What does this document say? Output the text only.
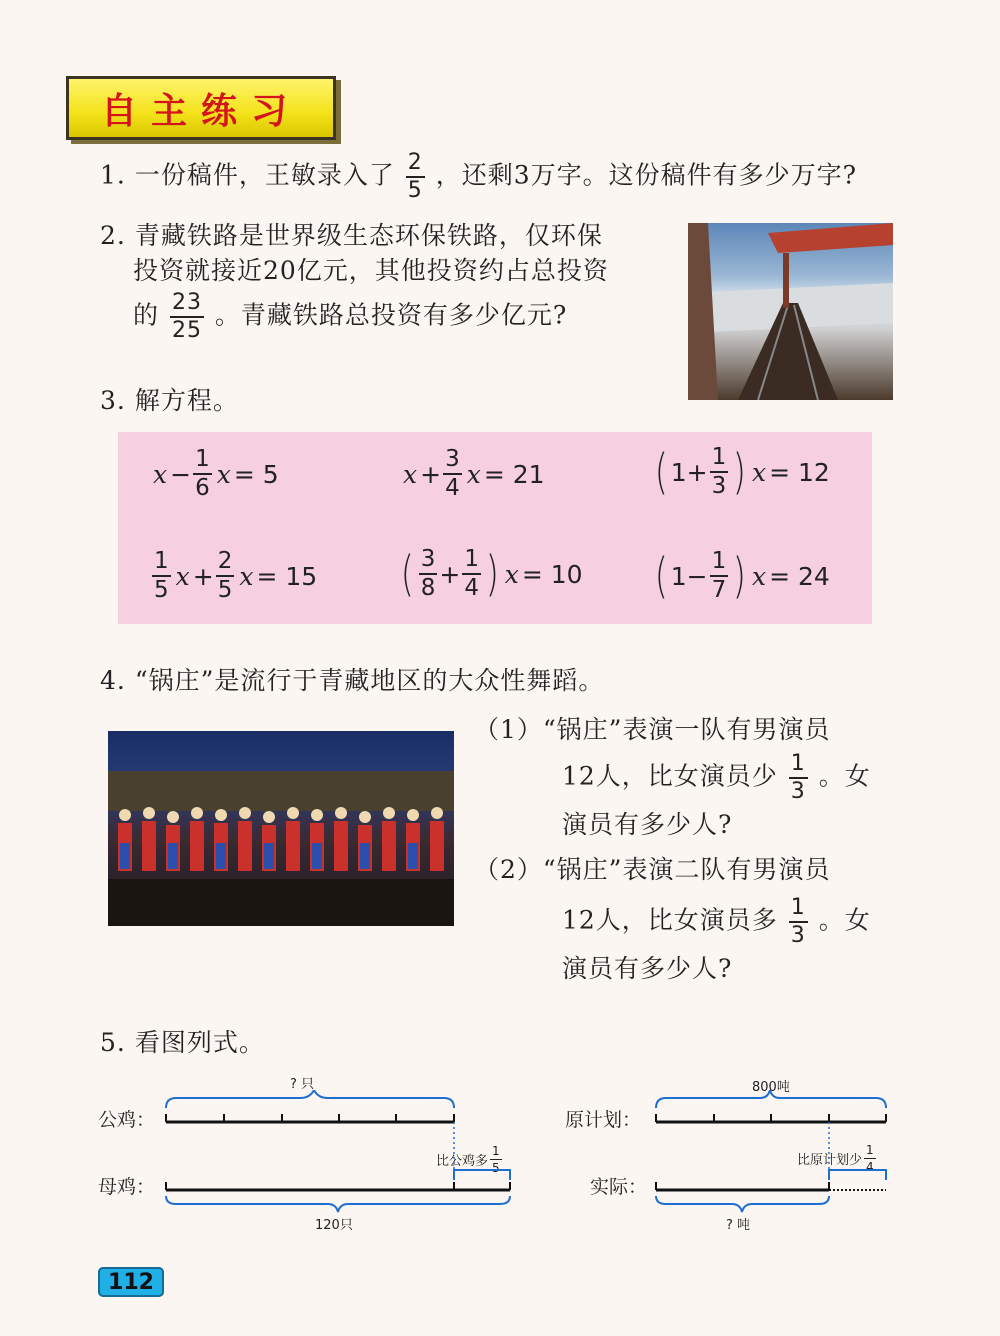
自主练习
1. 一份稿件，王敏录入了 $\frac{2}{5}$ ，还剩3万字。这份稿件有多少万字?
2. 青藏铁路是世界级生态环保铁路，仅环保
投资就接近20亿元，其他投资约占总投资
的 $\frac{23}{25}$ 。青藏铁路总投资有多少亿元?
3. 解方程。
$x - \frac{1}{6}$ x = 5	$x + \frac{3}{4}$ x = 21 ( $1 + \frac{1}{3}$ ) x = 12
$\frac{1}{5}$ $x + \frac{2}{5}$ x = 15 ( $\frac{3}{8} + \frac{1}{4}$ ) x = 10 ( $1 - \frac{1}{7}$ ) x = 24
4. “锅庄”是流行于青藏地区的大众性舞蹈。
（1）“锅庄”表演一队有男演员
12人，比女演员少 $\frac{1}{3}$ 。女
演员有多少人?
（2）“锅庄”表演二队有男演员
12人，比女演员多 $\frac{1}{3}$ 。女
演员有多少人?
5. 看图列式。
公鸡：
母鸡：
? 只
120只
比公鸡多 $\frac{1}{5}$
原计划：
实际：
800吨
? 吨
比原计划少 $\frac{1}{4}$
112
